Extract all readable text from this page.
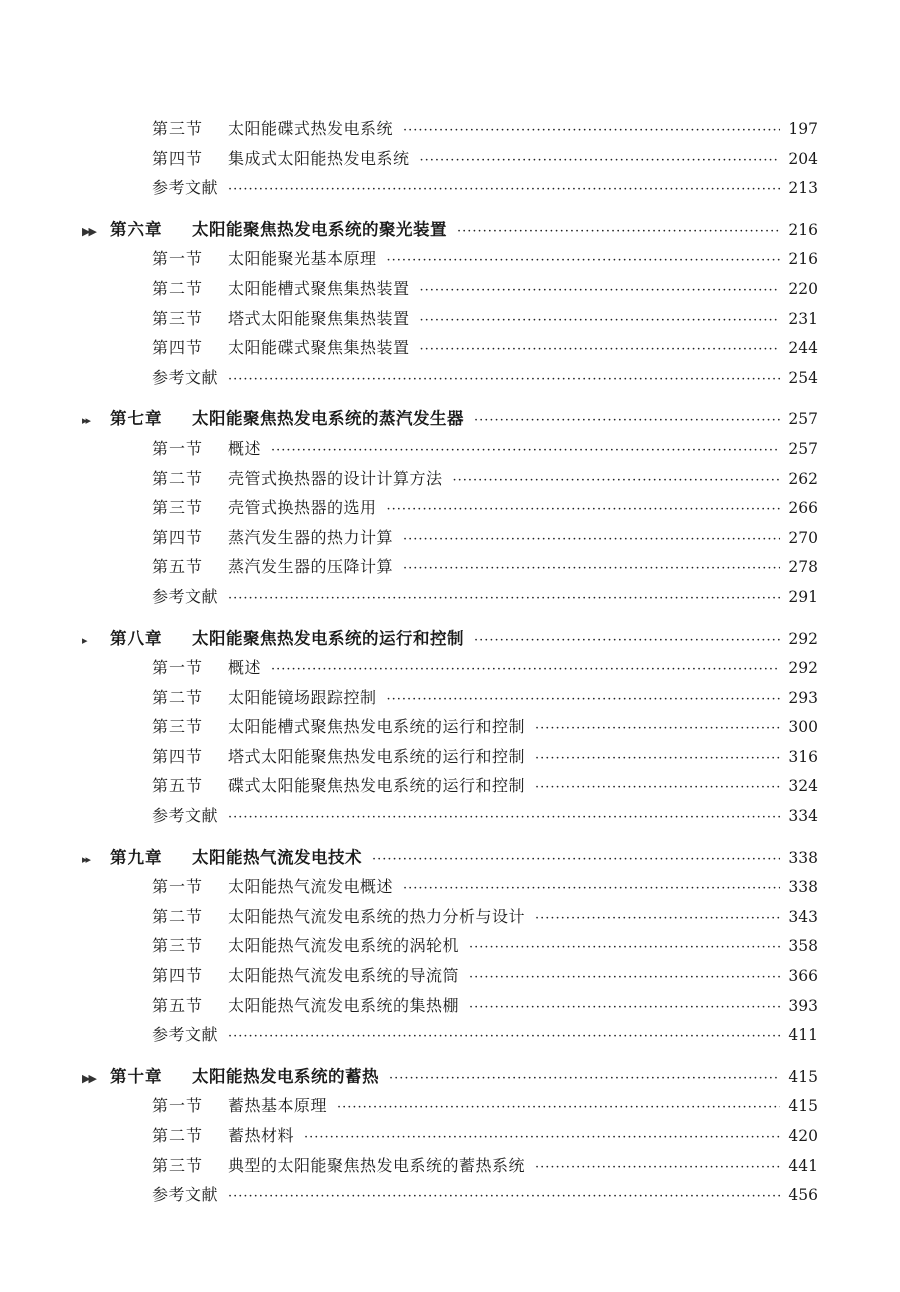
第三节	太阳能碟式热发电系统 ·····	197
第四节	集成式太阳能热发电系统 ·····	204
参考文献 ·····	213
▶▶ 第六章	太阳能聚焦热发电系统的聚光装置 ·····	216
第一节	太阳能聚光基本原理 ·····	216
第二节	太阳能槽式聚焦集热装置 ·····	220
第三节	塔式太阳能聚焦集热装置 ·····	231
第四节	太阳能碟式聚焦集热装置 ·····	244
参考文献 ·····	254
▸▸	第七章	太阳能聚焦热发电系统的蒸汽发生器 ·····	257
第一节	概述 ·····	257
第二节	壳管式换热器的设计计算方法 ·····	262
第三节	壳管式换热器的选用 ·····	266
第四节	蒸汽发生器的热力计算 ·····	270
第五节	蒸汽发生器的压降计算 ·····	278
参考文献 ·····	291
▸	第八章	太阳能聚焦热发电系统的运行和控制 ·····	292
第一节	概述 ·····	292
第二节	太阳能镜场跟踪控制 ·····	293
第三节	太阳能槽式聚焦热发电系统的运行和控制 ·····	300
第四节	塔式太阳能聚焦热发电系统的运行和控制 ·····	316
第五节	碟式太阳能聚焦热发电系统的运行和控制 ·····	324
参考文献 ·····	334
▸▸	第九章	太阳能热气流发电技术 ·····	338
第一节	太阳能热气流发电概述 ·····	338
第二节	太阳能热气流发电系统的热力分析与设计 ·····	343
第三节	太阳能热气流发电系统的涡轮机 ·····	358
第四节	太阳能热气流发电系统的导流筒 ·····	366
第五节	太阳能热气流发电系统的集热棚 ·····	393
参考文献 ·····	411
▶▶ 第十章	太阳能热发电系统的蓄热 ·····	415
第一节	蓄热基本原理 ·····	415
第二节	蓄热材料 ·····	420
第三节	典型的太阳能聚焦热发电系统的蓄热系统 ·····	441
参考文献 ·····	456
